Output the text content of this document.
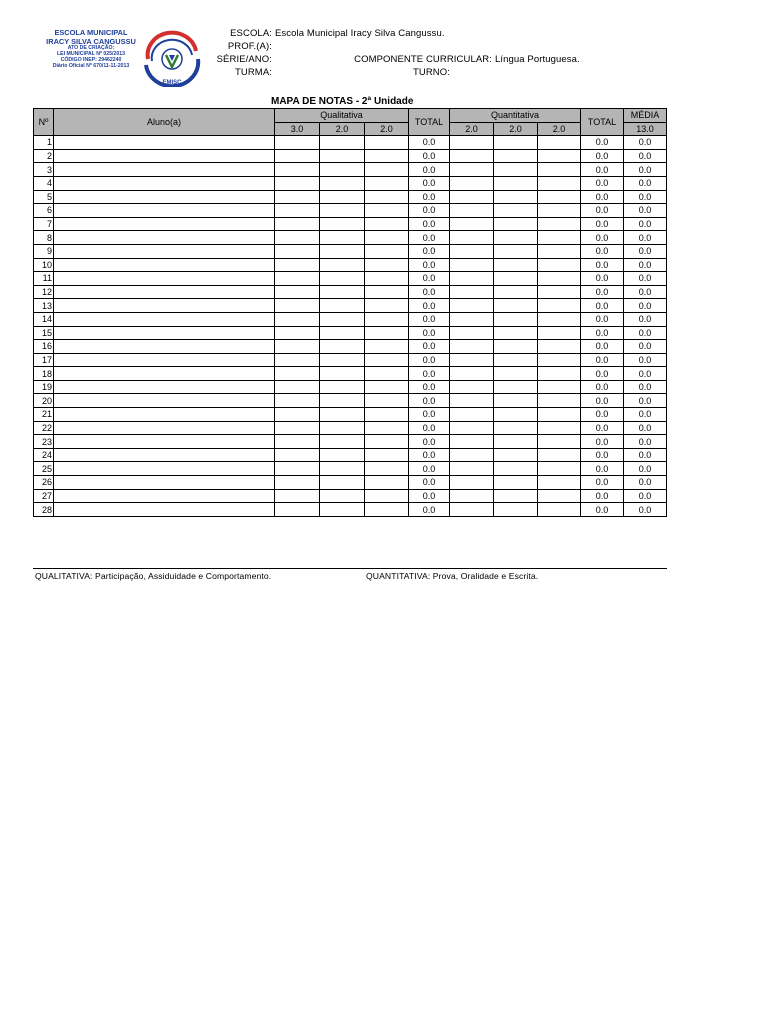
ESCOLA MUNICIPAL
IRACY SILVA CANGUSSU
ATO DE CRIAÇÃO:
LEI MUNICIPAL Nº 025/2013
CÓDIGO INEP: 29462240
Diário Oficial Nº 670/11-11-2013
EMISC
ESCOLA: Escola Municipal Iracy Silva Cangussu.
PROF.(A):
SÉRIE/ANO:	COMPONENTE CURRICULAR: Língua Portuguesa.
TURMA:	TURNO:
MAPA DE NOTAS - 2ª Unidade
Nº	Aluno(a)	Qualitativa			TOTAL	Quantitativa			TOTAL	MÉDIA
		3.0	2.0	2.0		2.0	2.0	2.0		13.0
1					0.0				0.0	0.0
2					0.0				0.0	0.0
3					0.0				0.0	0.0
4					0.0				0.0	0.0
5					0.0				0.0	0.0
6					0.0				0.0	0.0
7					0.0				0.0	0.0
8					0.0				0.0	0.0
9					0.0				0.0	0.0
10					0.0				0.0	0.0
11					0.0				0.0	0.0
12					0.0				0.0	0.0
13					0.0				0.0	0.0
14					0.0				0.0	0.0
15					0.0				0.0	0.0
16					0.0				0.0	0.0
17					0.0				0.0	0.0
18					0.0				0.0	0.0
19					0.0				0.0	0.0
20					0.0				0.0	0.0
21					0.0				0.0	0.0
22					0.0				0.0	0.0
23					0.0				0.0	0.0
24					0.0				0.0	0.0
25					0.0				0.0	0.0
26					0.0				0.0	0.0
27					0.0				0.0	0.0
28					0.0				0.0	0.0
QUALITATIVA: Participação, Assiduidade e Comportamento.	QUANTITATIVA: Prova, Oralidade e Escrita.
